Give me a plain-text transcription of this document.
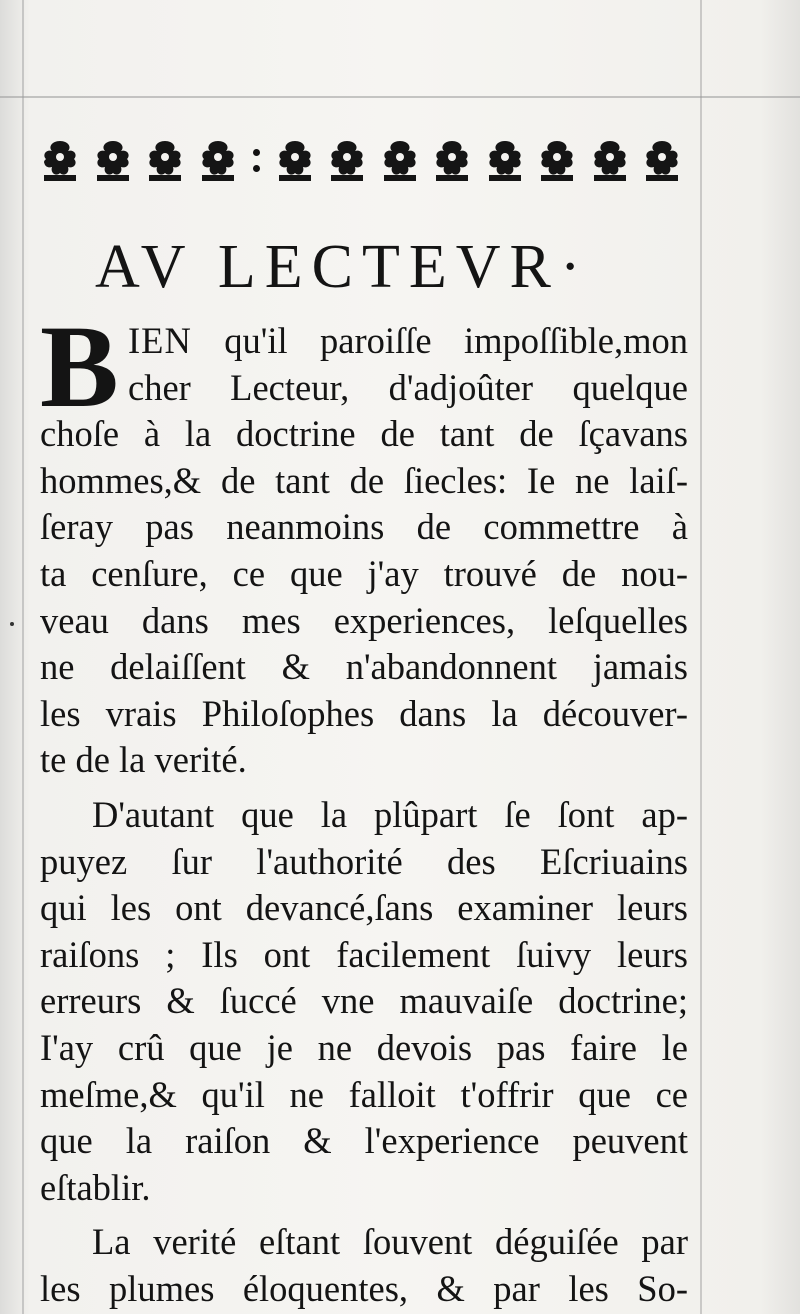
AV LECTEVR·
B IEN qu'il paroiſſe impoſſible,mon
cher Lecteur, d'adjoûter quelque
choſe à la doctrine de tant de ſçavans
hommes,& de tant de ſiecles: Ie ne laiſ-
ſeray pas neanmoins de commettre à
ta cenſure, ce que j'ay trouvé de nou-
veau dans mes experiences, leſquelles
ne delaiſſent & n'abandonnent jamais
les vrais Philoſophes dans la découver-
te de la verité.
D'autant que la plûpart ſe ſont ap-
puyez ſur l'authorité des Eſcriuains
qui les ont devancé,ſans examiner leurs
raiſons ; Ils ont facilement ſuivy leurs
erreurs & ſuccé vne mauvaiſe doctrine;
I'ay crû que je ne devois pas faire le
meſme,& qu'il ne falloit t'offrir que ce
que la raiſon & l'experience peuvent
eſtablir.
La verité eſtant ſouvent déguiſée par
les plumes éloquentes, & par les So-
